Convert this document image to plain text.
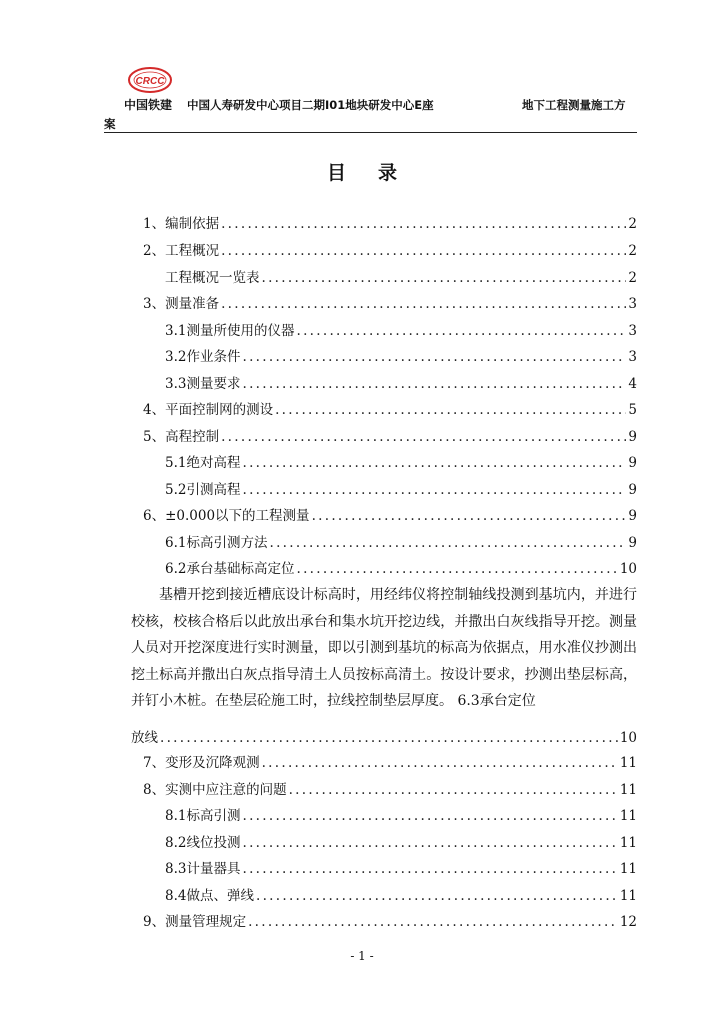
CRCC
中国铁建 中国人寿研发中心项目二期I01地块研发中心E座	地下工程测量施工方
案
目录
1、编制依据 .....	2
2、工程概况 .....	2
工程概况一览表 .....	2
3、测量准备 .....	3
3.1测量所使用的仪器 .....	3
3.2作业条件 .....	3
3.3测量要求 .....	4
4、平面控制网的测设 .....	5
5、高程控制 .....	9
5.1绝对高程 .....	9
5.2引测高程 .....	9
6、±0.000以下的工程测量 .....	9
6.1标高引测方法 .....	9
6.2承台基础标高定位 .....	10
基槽开挖到接近槽底设计标高时，用经纬仪将控制轴线投测到基坑内，并进行校核，校核合格后以此放出承台和集水坑开挖边线，并撒出白灰线指导开挖。测量人员对开挖深度进行实时测量，即以引测到基坑的标高为依据点，用水准仪抄测出挖土标高并撒出白灰点指导清土人员按标高清土。按设计要求，抄测出垫层标高，并钉小木桩。在垫层砼施工时，拉线控制垫层厚度。 6.3承台定位
放线 .....	10
7、变形及沉降观测 .....	11
8、实测中应注意的问题 .....	11
8.1标高引测 .....	11
8.2线位投测 .....	11
8.3计量器具 .....	11
8.4做点、弹线 .....	11
9、测量管理规定 .....	12
- 1 -
